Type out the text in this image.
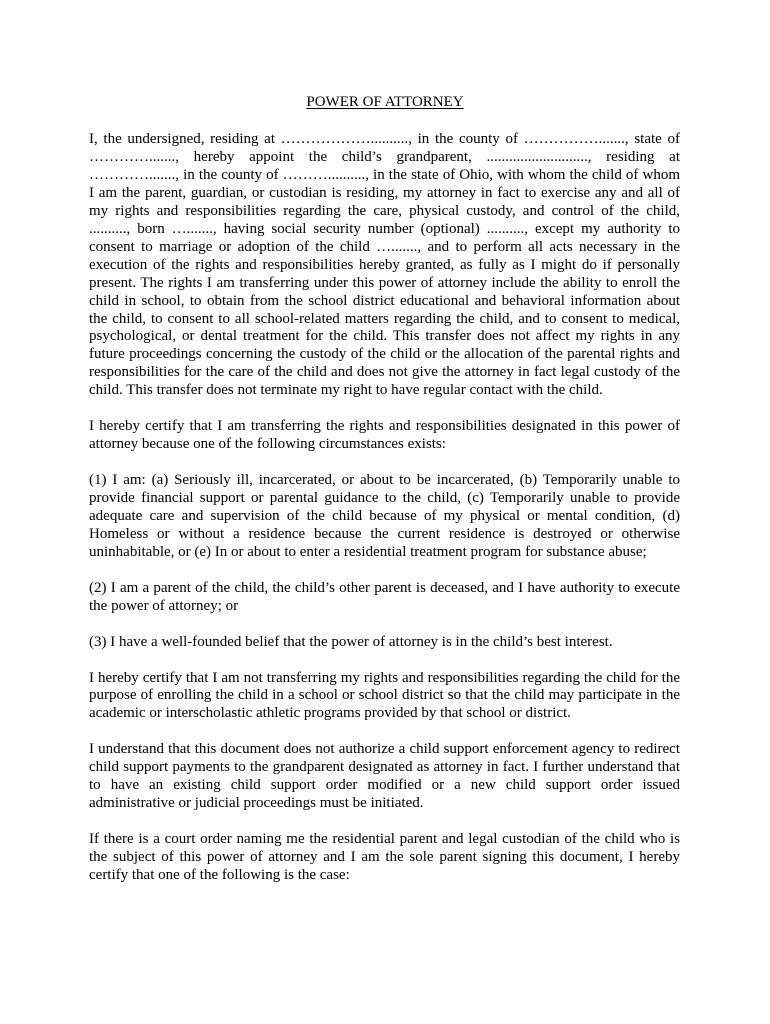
POWER OF ATTORNEY

I, the undersigned, residing at ……………….........., in the county of ……………......., state of …………......., hereby appoint the child’s grandparent, ..........................., residing at …………......., in the county of ……….........., in the state of Ohio, with whom the child of whom I am the parent, guardian, or custodian is residing, my attorney in fact to exercise any and all of my rights and responsibilities regarding the care, physical custody, and control of the child, .........., born …......., having social security number (optional) .........., except my authority to consent to marriage or adoption of the child …......., and to perform all acts necessary in the execution of the rights and responsibilities hereby granted, as fully as I might do if personally present. The rights I am transferring under this power of attorney include the ability to enroll the child in school, to obtain from the school district educational and behavioral information about the child, to consent to all school-related matters regarding the child, and to consent to medical, psychological, or dental treatment for the child. This transfer does not affect my rights in any future proceedings concerning the custody of the child or the allocation of the parental rights and responsibilities for the care of the child and does not give the attorney in fact legal custody of the child. This transfer does not terminate my right to have regular contact with the child.

I hereby certify that I am transferring the rights and responsibilities designated in this power of attorney because one of the following circumstances exists:

(1) I am: (a) Seriously ill, incarcerated, or about to be incarcerated, (b) Temporarily unable to provide financial support or parental guidance to the child, (c) Temporarily unable to provide adequate care and supervision of the child because of my physical or mental condition, (d) Homeless or without a residence because the current residence is destroyed or otherwise uninhabitable, or (e) In or about to enter a residential treatment program for substance abuse;

(2) I am a parent of the child, the child’s other parent is deceased, and I have authority to execute the power of attorney; or

(3) I have a well-founded belief that the power of attorney is in the child’s best interest.

I hereby certify that I am not transferring my rights and responsibilities regarding the child for the purpose of enrolling the child in a school or school district so that the child may participate in the academic or interscholastic athletic programs provided by that school or district.

I understand that this document does not authorize a child support enforcement agency to redirect child support payments to the grandparent designated as attorney in fact. I further understand that to have an existing child support order modified or a new child support order issued administrative or judicial proceedings must be initiated.

If there is a court order naming me the residential parent and legal custodian of the child who is the subject of this power of attorney and I am the sole parent signing this document, I hereby certify that one of the following is the case:
